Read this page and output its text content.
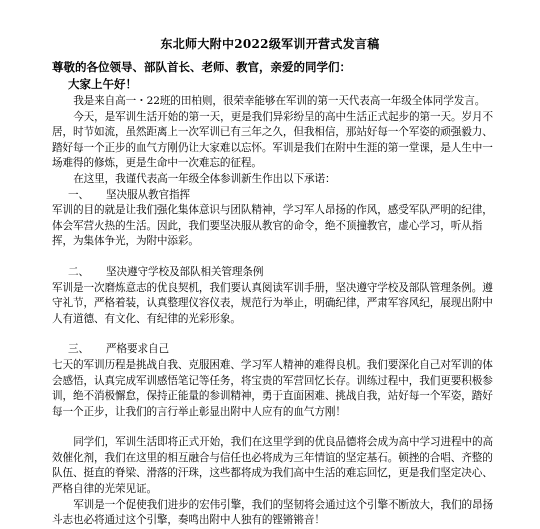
东北师大附中2022级军训开营式发言稿
尊敬的各位领导、部队首长、老师、教官，亲爱的同学们：
大家上午好！

我是来自高一・22班的田柏则，很荣幸能够在军训的第一天代表高一年级全体同学发言。

今天，是军训生活开始的第一天，更是我们异彩纷呈的高中生活正式起步的第一天。岁月不居，时节如流，虽然距离上一次军训已有三年之久，但我相信，那站好每一个军姿的顽强毅力、踏好每一个正步的血气方刚仍让大家难以忘怀。军训是我们在附中生涯的第一堂课，是人生中一场难得的修炼，更是生命中一次难忘的征程。

在这里，我谨代表高一年级全体参训新生作出以下承诺：

一、 坚决服从教官指挥

军训的目的就是让我们强化集体意识与团队精神，学习军人昂扬的作风，感受军队严明的纪律，体会军营火热的生活。因此，我们要坚决服从教官的命令，绝不顶撞教官，虚心学习，听从指挥，为集体争光，为附中添彩。

二、 坚决遵守学校及部队相关管理条例

军训是一次磨炼意志的优良契机，我们要认真阅读军训手册，坚决遵守学校及部队管理条例。遵守礼节，严格着装，认真整理仪容仪表，规范行为举止，明确纪律，严肃军容风纪，展现出附中人有道德、有文化、有纪律的光彩形象。

三、 严格要求自己

七天的军训历程是挑战自我、克服困难、学习军人精神的难得良机。我们要深化自己对军训的体会感悟，认真完成军训感悟笔记等任务，将宝贵的军营回忆长存。训练过程中，我们更要积极参训，绝不消极懈怠，保持正能量的参训精神，勇于直面困难、挑战自我，站好每一个军姿，踏好每一个正步，让我们的言行举止彰显出附中人应有的血气方刚！

同学们，军训生活即将正式开始，我们在这里学到的优良品德将会成为高中学习进程中的高效催化剂，我们在这里的相互融合与信任也必将成为三年情谊的坚定基石。顿挫的合唱、齐整的队伍、挺直的脊梁、滑落的汗珠，这些都将成为我们高中生活的难忘回忆，更是我们坚定决心、严格自律的光荣见证。

军训是一个促使我们进步的宏伟引擎，我们的坚韧将会通过这个引擎不断放大，我们的昂扬斗志也必将通过这个引擎，奏鸣出附中人独有的铿锵锵音！
